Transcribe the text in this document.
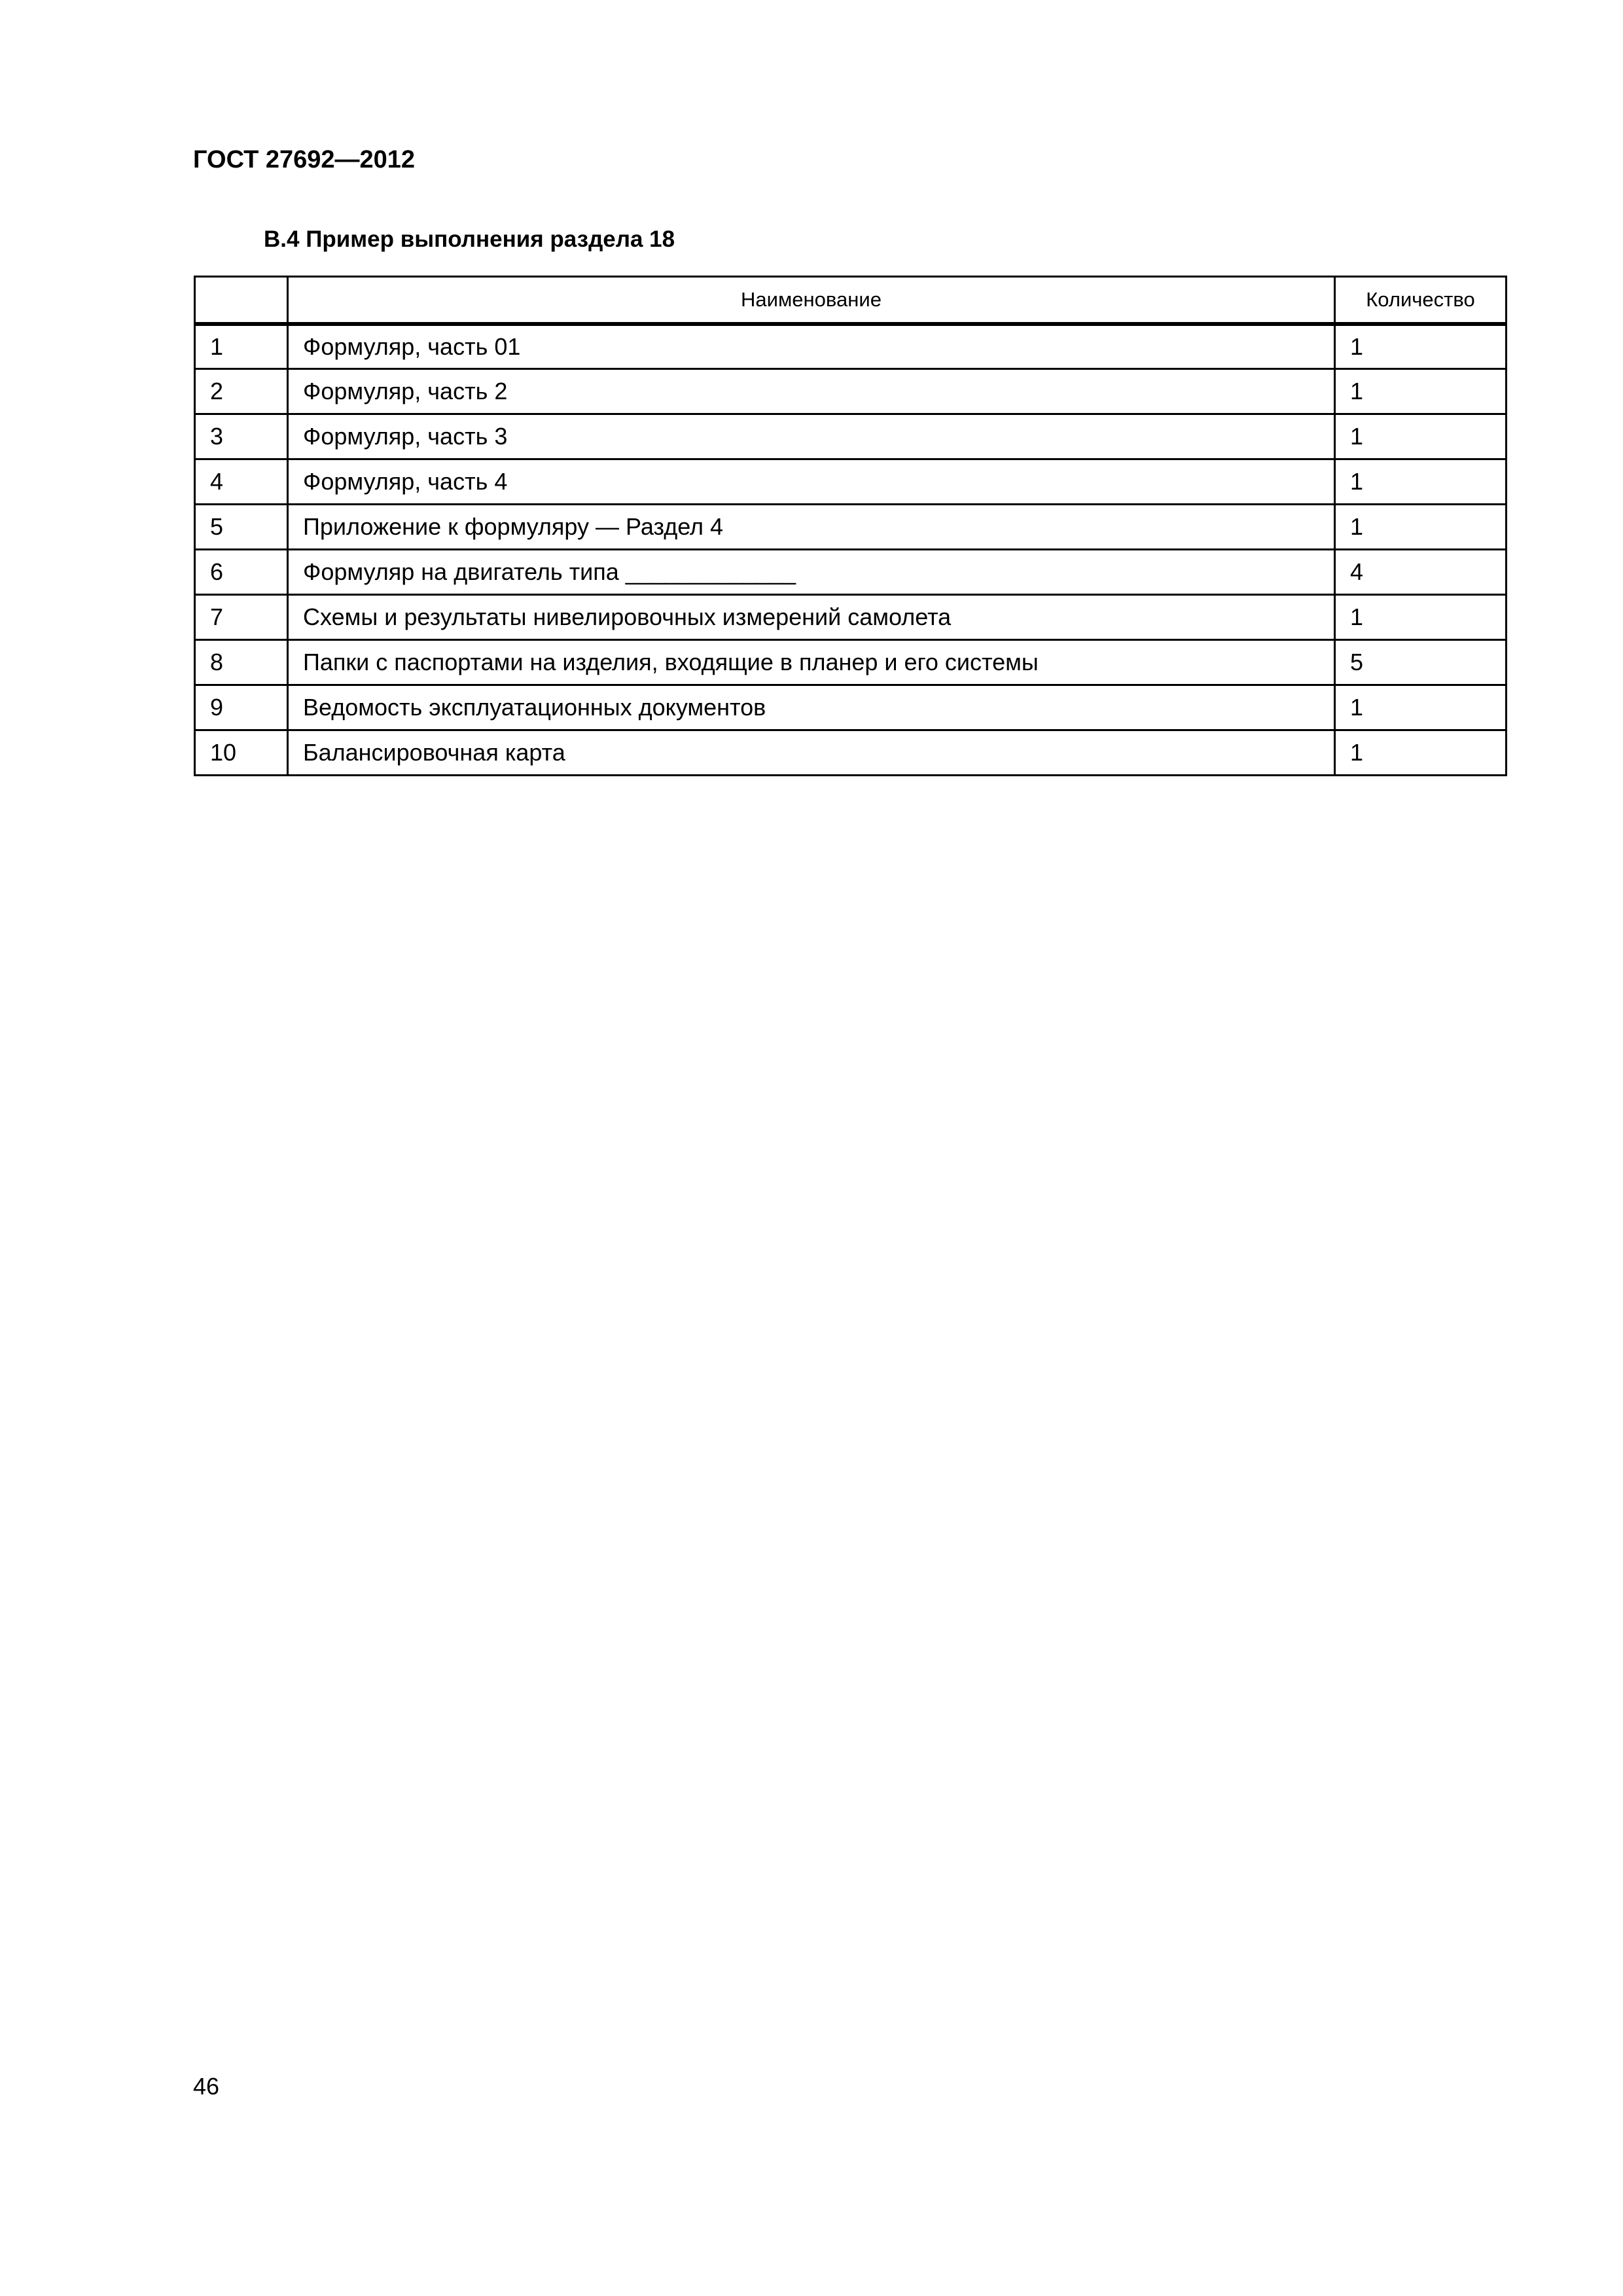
ГОСТ 27692—2012
В.4 Пример выполнения раздела 18
	Наименование	Количество
1	Формуляр, часть 01	1
2	Формуляр, часть 2	1
3	Формуляр, часть 3	1
4	Формуляр, часть 4	1
5	Приложение к формуляру — Раздел 4	1
6	Формуляр на двигатель типа _____________	4
7	Схемы и результаты нивелировочных измерений самолета	1
8	Папки с паспортами на изделия, входящие в планер и его системы	5
9	Ведомость эксплуатационных документов	1
10	Балансировочная карта	1
46
